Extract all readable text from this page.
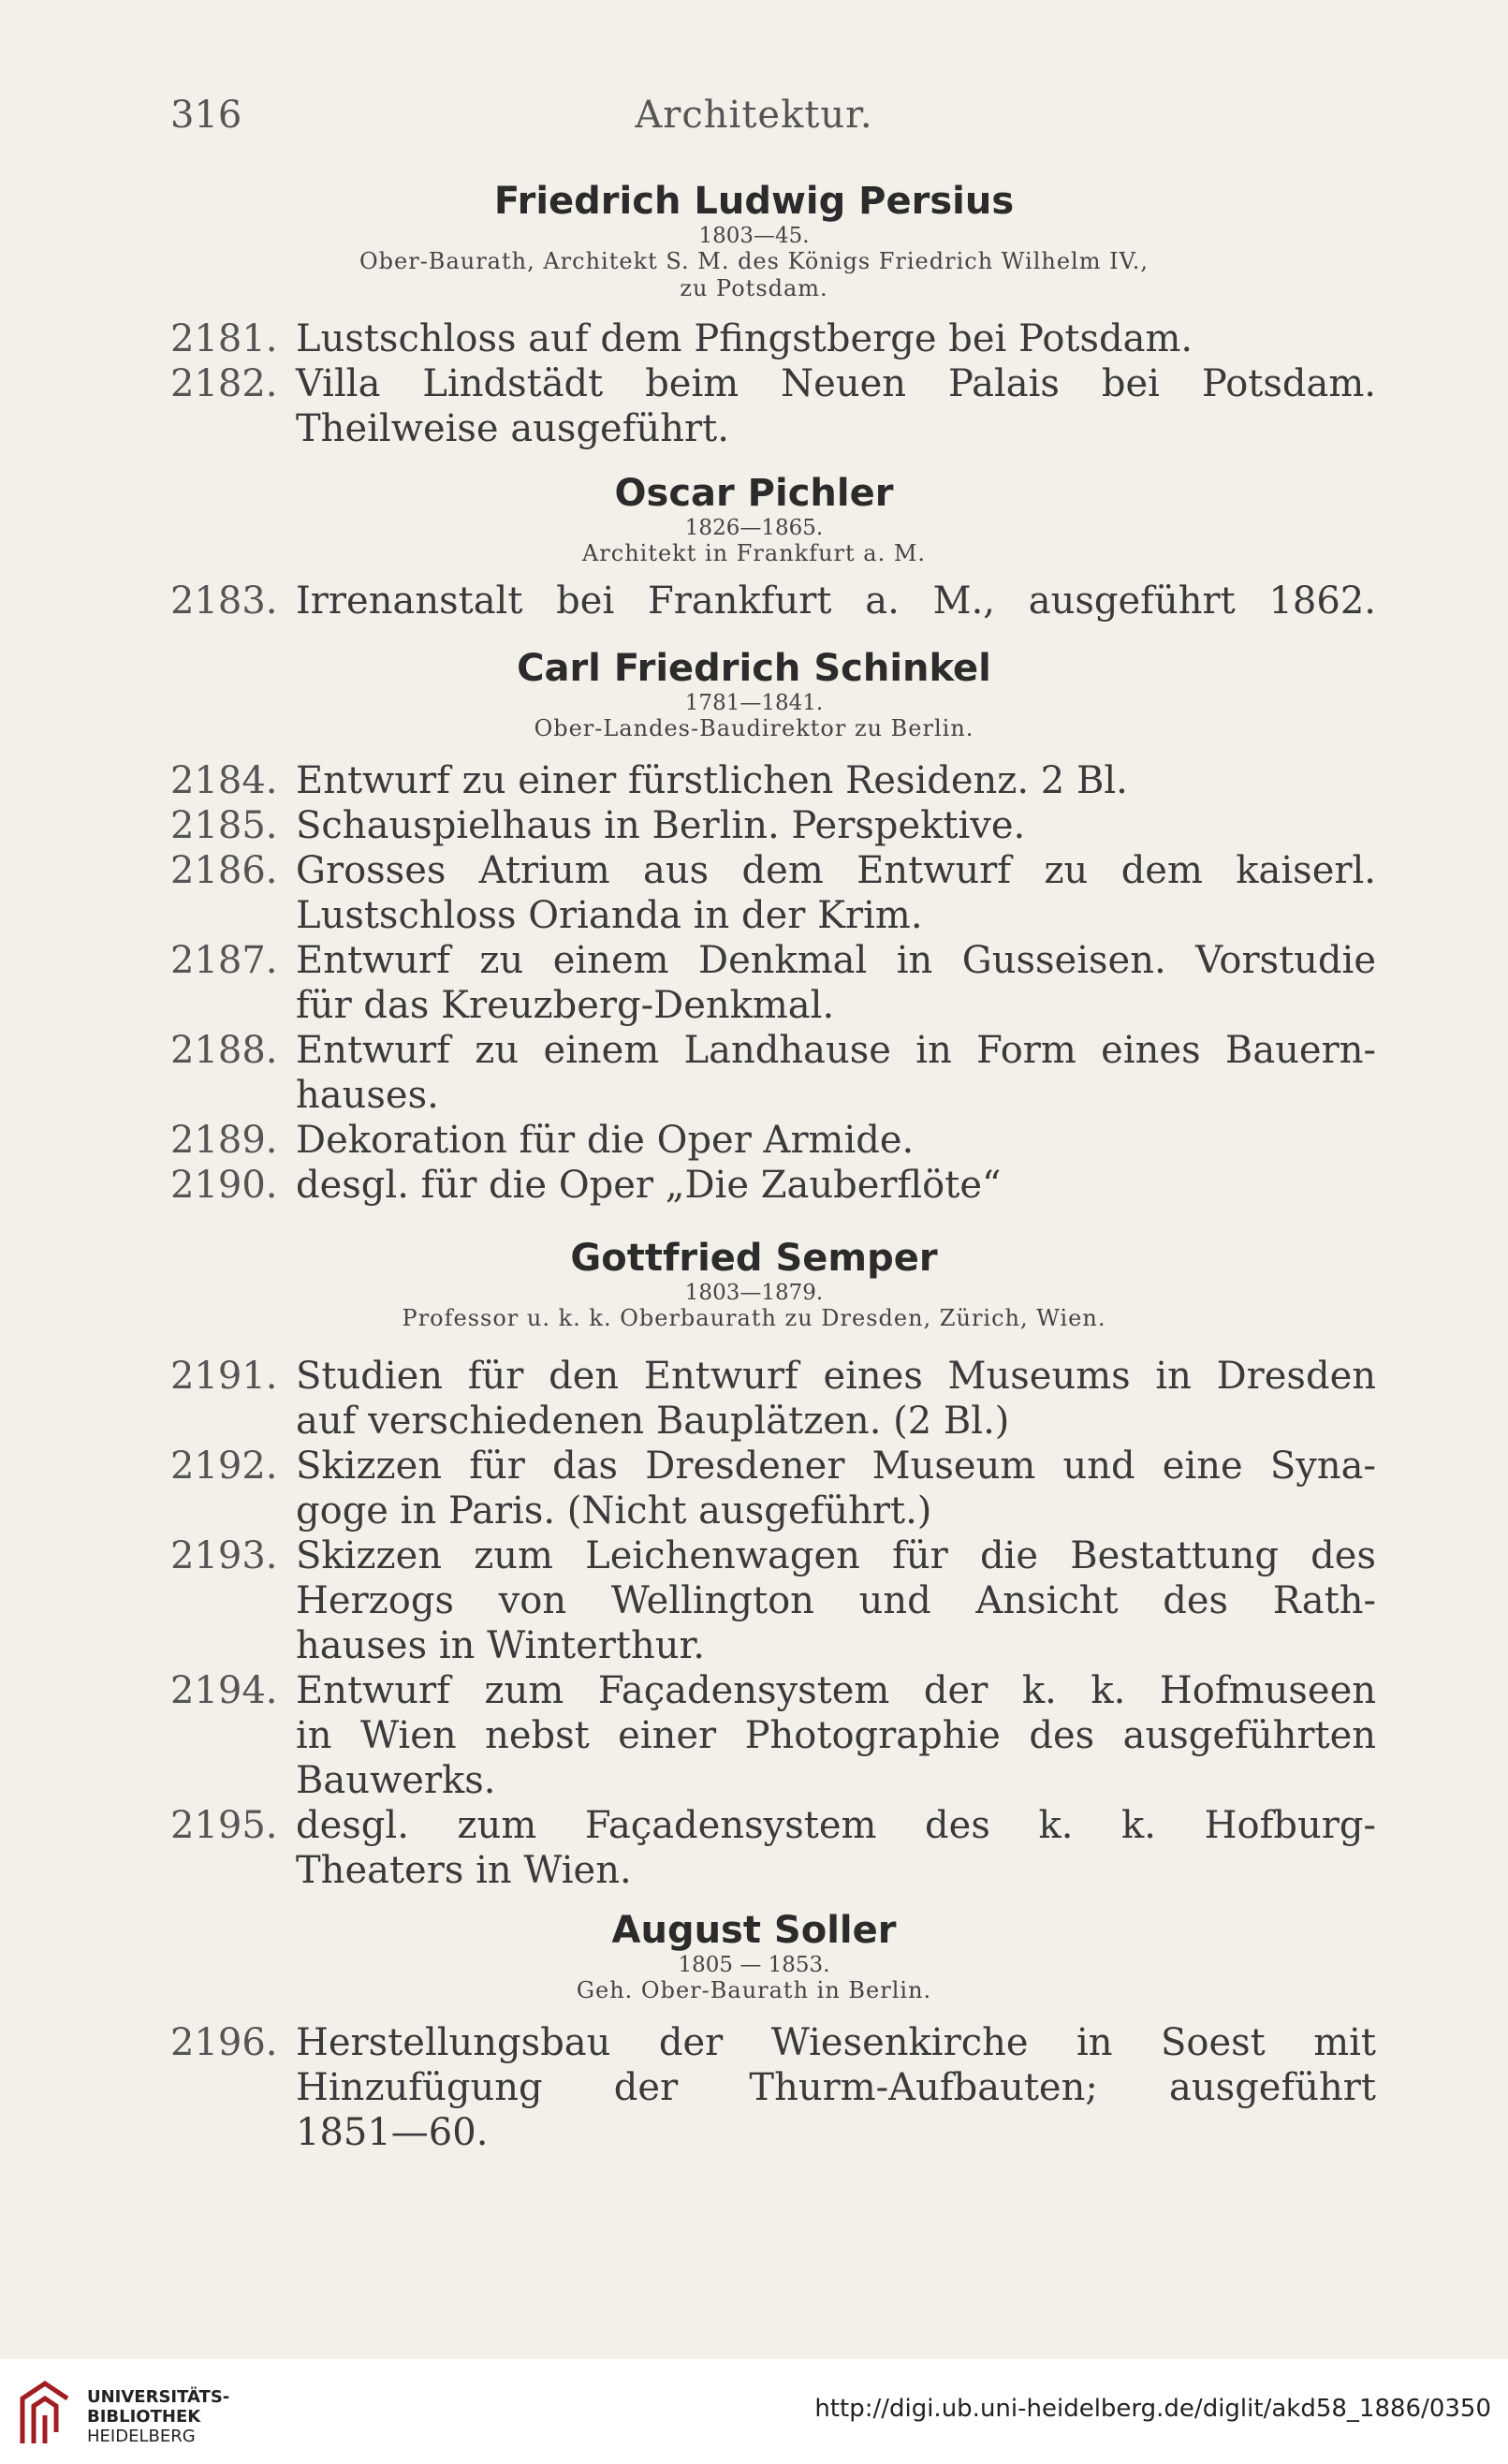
316	Architektur.

Friedrich Ludwig Persius

1803—45.

Ober-Baurath, Architekt S. M. des Königs Friedrich Wilhelm IV.,

zu Potsdam.

2181. Lustschloss auf dem Pfingstberge bei Potsdam.
2182. Villa Lindstädt beim Neuen Palais bei Potsdam.
Theilweise ausgeführt.

Oscar Pichler

1826—1865.

Architekt in Frankfurt a. M.

2183. Irrenanstalt bei Frankfurt a. M., ausgeführt 1862.

Carl Friedrich Schinkel

1781—1841.

Ober-Landes-Baudirektor zu Berlin.

2184. Entwurf zu einer fürstlichen Residenz. 2 Bl.
2185. Schauspielhaus in Berlin. Perspektive.
2186. Grosses Atrium aus dem Entwurf zu dem kaiserl.
Lustschloss Orianda in der Krim.
2187. Entwurf zu einem Denkmal in Gusseisen. Vorstudie
für das Kreuzberg-Denkmal.
2188. Entwurf zu einem Landhause in Form eines Bauern-
hauses.
2189. Dekoration für die Oper Armide.
2190. desgl. für die Oper „Die Zauberflöte“

Gottfried Semper

1803—1879.

Professor u. k. k. Oberbaurath zu Dresden, Zürich, Wien.

2191. Studien für den Entwurf eines Museums in Dresden
auf verschiedenen Bauplätzen. (2 Bl.)
2192. Skizzen für das Dresdener Museum und eine Syna-
goge in Paris. (Nicht ausgeführt.)
2193. Skizzen zum Leichenwagen für die Bestattung des
Herzogs von Wellington und Ansicht des Rath-
hauses in Winterthur.
2194. Entwurf zum Façadensystem der k. k. Hofmuseen
in Wien nebst einer Photographie des ausgeführten
Bauwerks.
2195. desgl. zum Façadensystem des k. k. Hofburg-
Theaters in Wien.

August Soller

1805 — 1853.

Geh. Ober-Baurath in Berlin.

2196. Herstellungsbau der Wiesenkirche in Soest mit
Hinzufügung der Thurm-Aufbauten; ausgeführt
1851—60.
UNIVERSITÄTS-
BIBLIOTHEK
HEIDELBERG
http://digi.ub.uni-heidelberg.de/diglit/akd58_1886/0350
